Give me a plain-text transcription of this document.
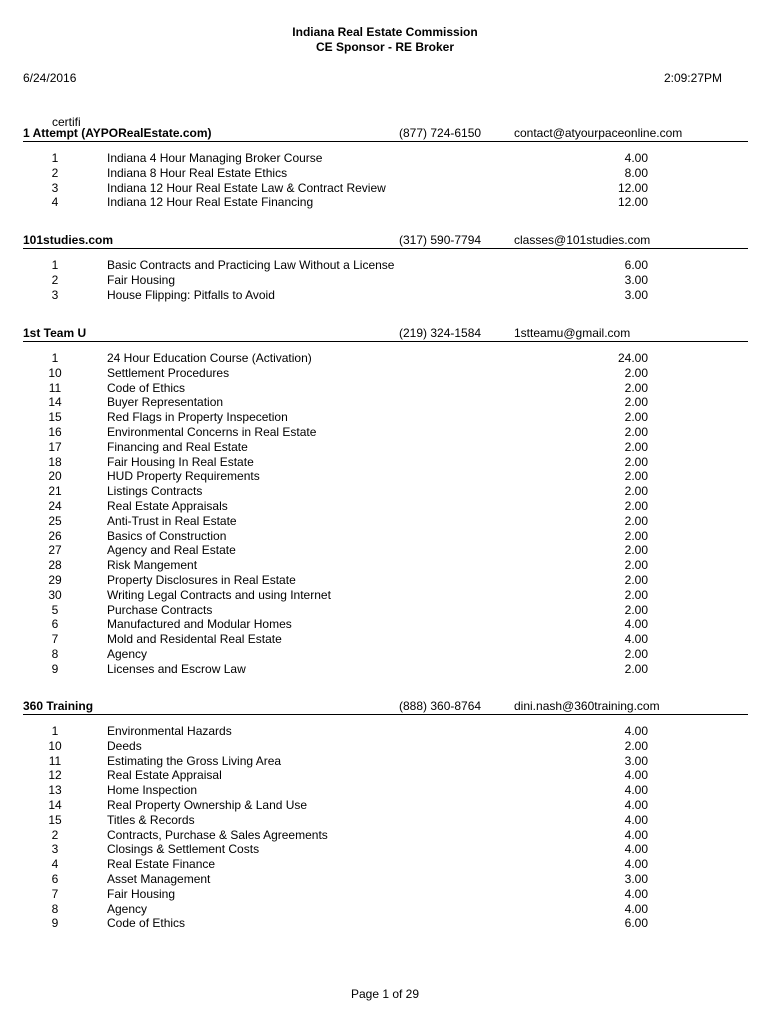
Indiana Real Estate Commission
CE Sponsor - RE Broker
6/24/2016	2:09:27PM
certifi
1 Attempt (AYPORealEstate.com)	(877) 724-6150	contact@atyourpaceonline.com
1	Indiana 4 Hour Managing Broker Course	4.00
2	Indiana 8 Hour Real Estate Ethics	8.00
3	Indiana 12 Hour Real Estate Law & Contract Review	12.00
4	Indiana 12 Hour Real Estate Financing	12.00
101studies.com	(317) 590-7794	classes@101studies.com
1	Basic Contracts and Practicing Law Without a License	6.00
2	Fair Housing	3.00
3	House Flipping: Pitfalls to Avoid	3.00
1st Team U	(219) 324-1584	1stteamu@gmail.com
1	24 Hour Education Course (Activation)	24.00
10	Settlement Procedures	2.00
11	Code of Ethics	2.00
14	Buyer Representation	2.00
15	Red Flags in Property Inspecetion	2.00
16	Environmental Concerns in Real Estate	2.00
17	Financing and Real Estate	2.00
18	Fair Housing In Real Estate	2.00
20	HUD Property Requirements	2.00
21	Listings Contracts	2.00
24	Real Estate Appraisals	2.00
25	Anti-Trust in Real Estate	2.00
26	Basics of Construction	2.00
27	Agency and Real Estate	2.00
28	Risk Mangement	2.00
29	Property Disclosures in Real Estate	2.00
30	Writing Legal Contracts and using Internet	2.00
5	Purchase Contracts	2.00
6	Manufactured and Modular Homes	4.00
7	Mold and Residental Real Estate	4.00
8	Agency	2.00
9	Licenses and Escrow Law	2.00
360 Training	(888) 360-8764	dini.nash@360training.com
1	Environmental Hazards	4.00
10	Deeds	2.00
11	Estimating the Gross Living Area	3.00
12	Real Estate Appraisal	4.00
13	Home Inspection	4.00
14	Real Property Ownership & Land Use	4.00
15	Titles & Records	4.00
2	Contracts, Purchase & Sales Agreements	4.00
3	Closings & Settlement Costs	4.00
4	Real Estate Finance	4.00
6	Asset Management	3.00
7	Fair Housing	4.00
8	Agency	4.00
9	Code of Ethics	6.00
Page 1 of 29
